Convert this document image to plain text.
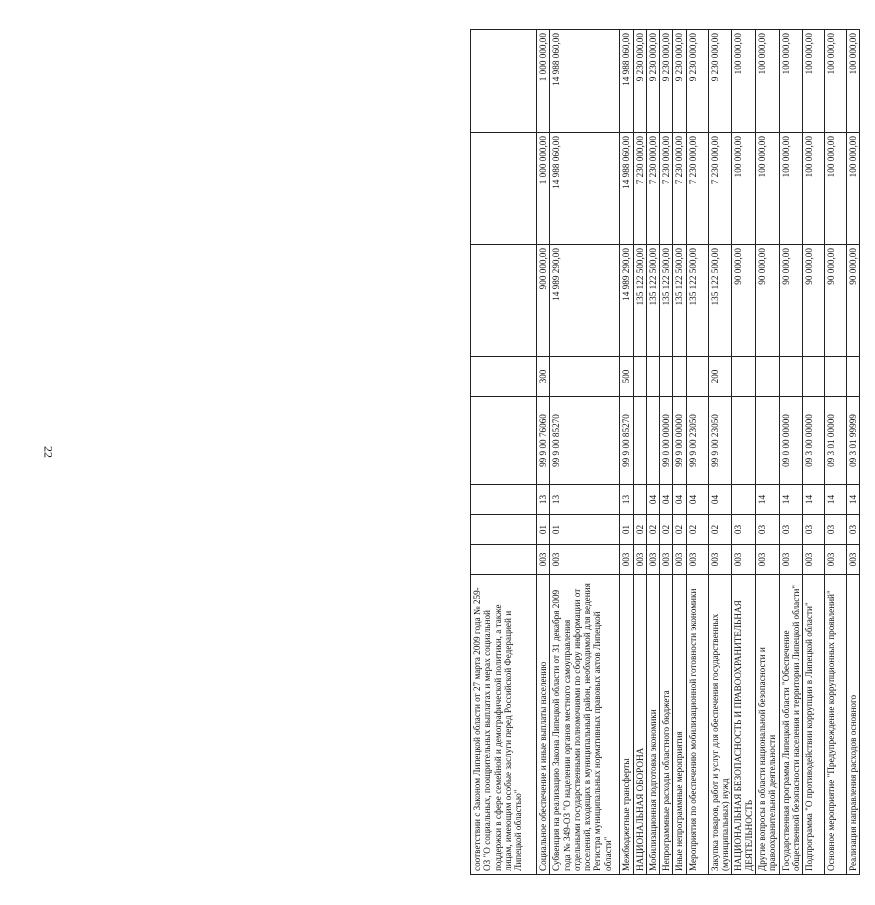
22
соответствии с Законом Липецкой области от 27 марта 2009 года № 259-ОЗ "О социальных, поощрительных выплатах и мерах социальной поддержки в сфере семейной и демографической политики, а также лицам, имеющим особые заслуги перед Российской Федерацией и Липецкой областью"								
Социальное обеспечение и иные выплаты населению	003	01	13	99 9 00 76060	300	900 000,00	1 000 000,00	1 000 000,00
Субвенция на реализацию Закона Липецкой области от 31 декабря 2009 года № 349-ОЗ "О наделении органов местного самоуправления отдельными государственными полномочиями по сбору информации от поселений, входящих в муниципальный район, необходимой для ведения Регистра муниципальных нормативных правовых актов Липецкой области"	003	01	13	99 9 00 85270		14 989 290,00	14 988 060,00	14 988 060,00
Межбюджетные трансферты	003	01	13	99 9 00 85270	500	14 989 290,00	14 988 060,00	14 988 060,00
НАЦИОНАЛЬНАЯ ОБОРОНА	003	02				135 122 500,00	7 230 000,00	9 230 000,00
Мобилизационная подготовка экономики	003	02	04			135 122 500,00	7 230 000,00	9 230 000,00
Непрограммные расходы областного бюджета	003	02	04	99 0 00 00000		135 122 500,00	7 230 000,00	9 230 000,00
Иные непрограммные мероприятия	003	02	04	99 9 00 00000		135 122 500,00	7 230 000,00	9 230 000,00
Мероприятия по обеспечению мобилизационной готовности экономики	003	02	04	99 9 00 23050		135 122 500,00	7 230 000,00	9 230 000,00
Закупка товаров, работ и услуг для обеспечения государственных (муниципальных) нужд	003	02	04	99 9 00 23050	200	135 122 500,00	7 230 000,00	9 230 000,00
НАЦИОНАЛЬНАЯ БЕЗОПАСНОСТЬ И ПРАВООХРАНИТЕЛЬНАЯ ДЕЯТЕЛЬНОСТЬ	003	03				90 000,00	100 000,00	100 000,00
Другие вопросы в области национальной безопасности и правоохранительной деятельности	003	03	14			90 000,00	100 000,00	100 000,00
Государственная программа Липецкой области "Обеспечение общественной безопасности населения и территории Липецкой области"	003	03	14	09 0 00 00000		90 000,00	100 000,00	100 000,00
Подпрограмма "О противодействии коррупции в Липецкой области"	003	03	14	09 3 00 00000		90 000,00	100 000,00	100 000,00
Основное мероприятие "Предупреждение коррупционных проявлений"	003	03	14	09 3 01 00000		90 000,00	100 000,00	100 000,00
Реализация направления расходов основного	003	03	14	09 3 01 99999		90 000,00	100 000,00	100 000,00
